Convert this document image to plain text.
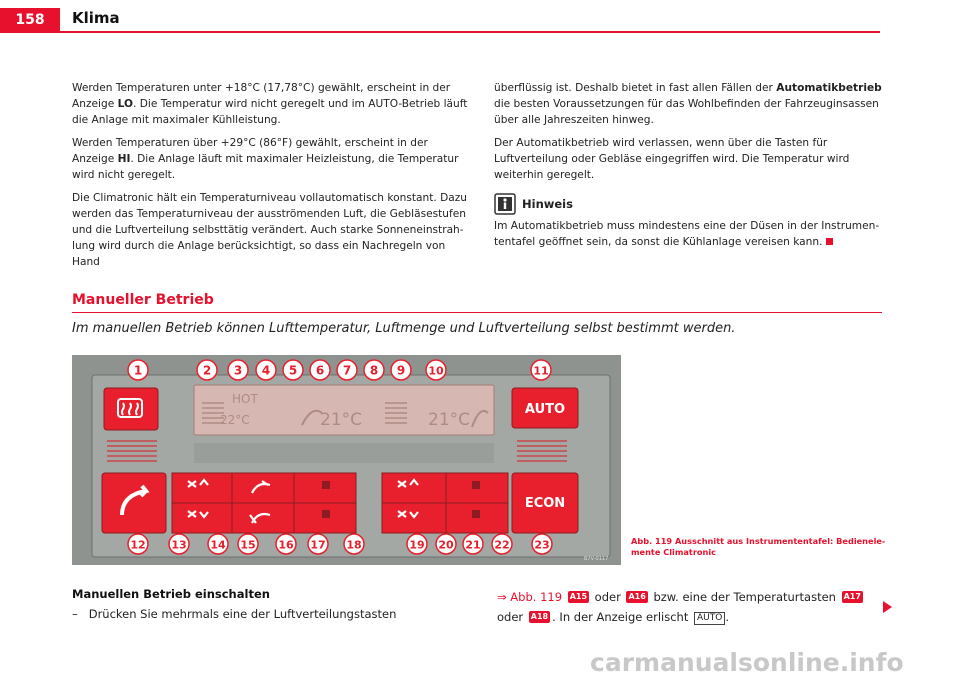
158	Klima

Werden Temperaturen unter +18°C (17,78°C) gewählt, erscheint in der Anzeige LO. Die Temperatur wird nicht geregelt und im AUTO-Betrieb läuft die Anlage mit maximaler Kühlleistung.

Werden Temperaturen über +29°C (86°F) gewählt, erscheint in der Anzeige HI. Die Anlage läuft mit maximaler Heizleistung, die Temperatur wird nicht geregelt.

Die Climatronic hält ein Temperaturniveau vollautomatisch konstant. Dazu werden das Temperaturniveau der ausströmenden Luft, die Gebläsestufen und die Luftverteilung selbsttätig verändert. Auch starke Sonneneinstrah-lung wird durch die Anlage berücksichtigt, so dass ein Nachregeln von Hand

überflüssig ist. Deshalb bietet in fast allen Fällen der Automatikbetrieb die besten Voraussetzungen für das Wohlbefinden der Fahrzeuginsassen über alle Jahreszeiten hinweg.

Der Automatikbetrieb wird verlassen, wenn über die Tasten für Luftverteilung oder Gebläse eingegriffen wird. Die Temperatur wird weiterhin geregelt.

Hinweis

Im Automatikbetrieb muss mindestens eine der Düsen in der Instrumen-tentafel geöffnet sein, da sonst die Kühlanlage vereisen kann.

Manueller Betrieb
Im manuellen Betrieb können Lufttemperatur, Luftmenge und Luftverteilung selbst bestimmt werden.
HOT
22°C	21°C	21°C
AUTO
ECON
1	2 3 4 5 6 7 8 9 10	11
12 13 14 15 16 17 18	19 20 21 22 23
B7V-0117
Abb. 119 Ausschnitt aus Instrumententafel: Bedienele-mente Climatronic
Manuellen Betrieb einschalten
– Drücken Sie mehrmals eine der Luftverteilungstasten
⇒ Abb. 119 A15 oder A16 bzw. eine der Temperaturtasten A17
oder A18 . In der Anzeige erlischt AUTO .
carmanualsonline.info
